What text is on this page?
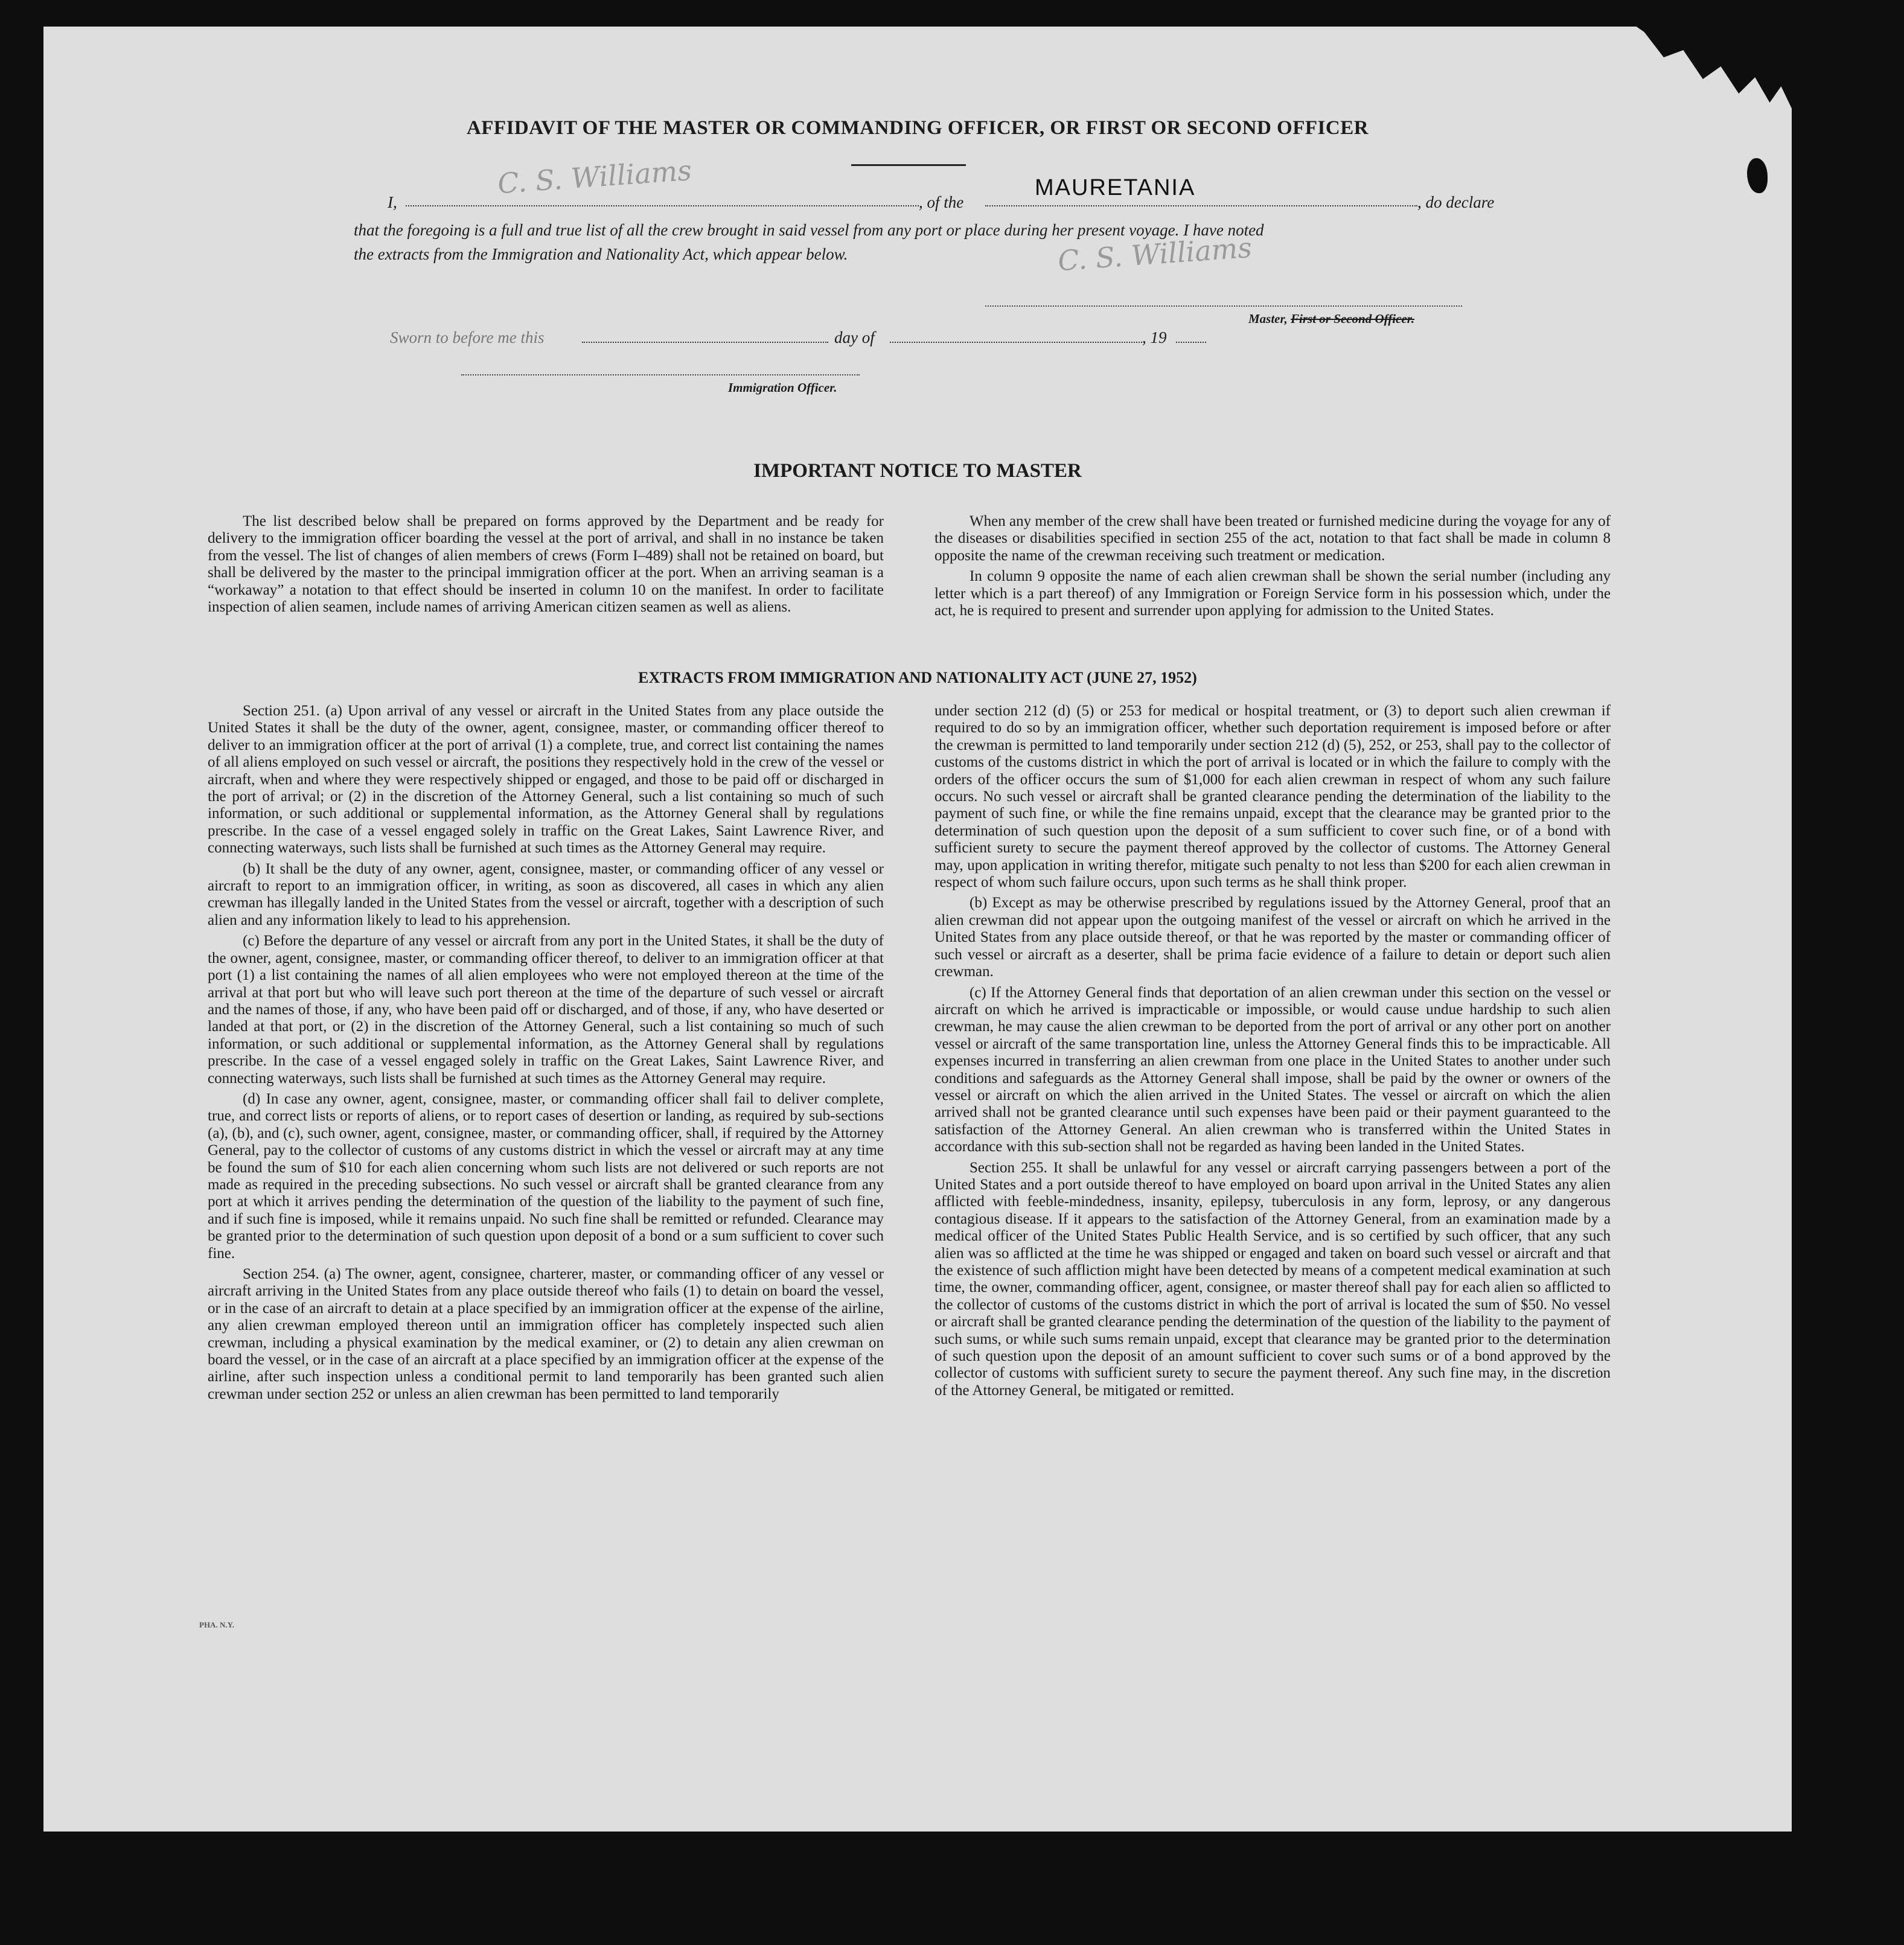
AFFIDAVIT OF THE MASTER OR COMMANDING OFFICER, OR FIRST OR SECOND OFFICER
I,
C. S. Williams
, of the
MAURETANIA
, do declare
that the foregoing is a full and true list of all the crew brought in said vessel from any port or place during her present voyage. I have noted
the extracts from the Immigration and Nationality Act, which appear below.	C. S. Williams
Master, First or Second Officer.
Sworn to before me this	day of	, 19
Immigration Officer.
IMPORTANT NOTICE TO MASTER

The list described below shall be prepared on forms approved by the Department and be ready for delivery to the immigration officer boarding the vessel at the port of arrival, and shall in no instance be taken from the vessel. The list of changes of alien members of crews (Form I–489) shall not be retained on board, but shall be delivered by the master to the principal immigration officer at the port. When an arriving seaman is a “workaway” a notation to that effect should be inserted in column 10 on the manifest. In order to facilitate inspection of alien seamen, include names of arriving American citizen seamen as well as aliens.

When any member of the crew shall have been treated or furnished medicine during the voyage for any of the diseases or disabilities specified in section 255 of the act, notation to that fact shall be made in column 8 opposite the name of the crewman receiving such treatment or medication.

In column 9 opposite the name of each alien crewman shall be shown the serial number (including any letter which is a part thereof) of any Immigration or Foreign Service form in his possession which, under the act, he is required to present and surrender upon applying for admission to the United States.

EXTRACTS FROM IMMIGRATION AND NATIONALITY ACT (JUNE 27, 1952)

Section 251. (a) Upon arrival of any vessel or aircraft in the United States from any place outside the United States it shall be the duty of the owner, agent, consignee, master, or commanding officer thereof to deliver to an immigration officer at the port of arrival (1) a complete, true, and correct list containing the names of all aliens employed on such vessel or aircraft, the positions they respectively hold in the crew of the vessel or aircraft, when and where they were respectively shipped or engaged, and those to be paid off or discharged in the port of arrival; or (2) in the discretion of the Attorney General, such a list containing so much of such information, or such additional or supplemental information, as the Attorney General shall by regulations prescribe. In the case of a vessel engaged solely in traffic on the Great Lakes, Saint Lawrence River, and connecting waterways, such lists shall be furnished at such times as the Attorney General may require.

(b) It shall be the duty of any owner, agent, consignee, master, or commanding officer of any vessel or aircraft to report to an immigration officer, in writing, as soon as discovered, all cases in which any alien crewman has illegally landed in the United States from the vessel or aircraft, together with a description of such alien and any information likely to lead to his apprehension.

(c) Before the departure of any vessel or aircraft from any port in the United States, it shall be the duty of the owner, agent, consignee, master, or commanding officer thereof, to deliver to an immigration officer at that port (1) a list containing the names of all alien employees who were not employed thereon at the time of the arrival at that port but who will leave such port thereon at the time of the departure of such vessel or aircraft and the names of those, if any, who have been paid off or discharged, and of those, if any, who have deserted or landed at that port, or (2) in the discretion of the Attorney General, such a list containing so much of such information, or such additional or supplemental information, as the Attorney General shall by regulations prescribe. In the case of a vessel engaged solely in traffic on the Great Lakes, Saint Lawrence River, and connecting waterways, such lists shall be furnished at such times as the Attorney General may require.

(d) In case any owner, agent, consignee, master, or commanding officer shall fail to deliver complete, true, and correct lists or reports of aliens, or to report cases of desertion or landing, as required by sub-sections (a), (b), and (c), such owner, agent, consignee, master, or commanding officer, shall, if required by the Attorney General, pay to the collector of customs of any customs district in which the vessel or aircraft may at any time be found the sum of $10 for each alien concerning whom such lists are not delivered or such reports are not made as required in the preceding subsections. No such vessel or aircraft shall be granted clearance from any port at which it arrives pending the determination of the question of the liability to the payment of such fine, and if such fine is imposed, while it remains unpaid. No such fine shall be remitted or refunded. Clearance may be granted prior to the determination of such question upon deposit of a bond or a sum sufficient to cover such fine.

Section 254. (a) The owner, agent, consignee, charterer, master, or commanding officer of any vessel or aircraft arriving in the United States from any place outside thereof who fails (1) to detain on board the vessel, or in the case of an aircraft to detain at a place specified by an immigration officer at the expense of the airline, any alien crewman employed thereon until an immigration officer has completely inspected such alien crewman, including a physical examination by the medical examiner, or (2) to detain any alien crewman on board the vessel, or in the case of an aircraft at a place specified by an immigration officer at the expense of the airline, after such inspection unless a conditional permit to land temporarily has been granted such alien crewman under section 252 or unless an alien crewman has been permitted to land temporarily

under section 212 (d) (5) or 253 for medical or hospital treatment, or (3) to deport such alien crewman if required to do so by an immigration officer, whether such deportation requirement is imposed before or after the crewman is permitted to land temporarily under section 212 (d) (5), 252, or 253, shall pay to the collector of customs of the customs district in which the port of arrival is located or in which the failure to comply with the orders of the officer occurs the sum of $1,000 for each alien crewman in respect of whom any such failure occurs. No such vessel or aircraft shall be granted clearance pending the determination of the liability to the payment of such fine, or while the fine remains unpaid, except that the clearance may be granted prior to the determination of such question upon the deposit of a sum sufficient to cover such fine, or of a bond with sufficient surety to secure the payment thereof approved by the collector of customs. The Attorney General may, upon application in writing therefor, mitigate such penalty to not less than $200 for each alien crewman in respect of whom such failure occurs, upon such terms as he shall think proper.

(b) Except as may be otherwise prescribed by regulations issued by the Attorney General, proof that an alien crewman did not appear upon the outgoing manifest of the vessel or aircraft on which he arrived in the United States from any place outside thereof, or that he was reported by the master or commanding officer of such vessel or aircraft as a deserter, shall be prima facie evidence of a failure to detain or deport such alien crewman.

(c) If the Attorney General finds that deportation of an alien crewman under this section on the vessel or aircraft on which he arrived is impracticable or impossible, or would cause undue hardship to such alien crewman, he may cause the alien crewman to be deported from the port of arrival or any other port on another vessel or aircraft of the same transportation line, unless the Attorney General finds this to be impracticable. All expenses incurred in transferring an alien crewman from one place in the United States to another under such conditions and safeguards as the Attorney General shall impose, shall be paid by the owner or owners of the vessel or aircraft on which the alien arrived in the United States. The vessel or aircraft on which the alien arrived shall not be granted clearance until such expenses have been paid or their payment guaranteed to the satisfaction of the Attorney General. An alien crewman who is transferred within the United States in accordance with this sub-section shall not be regarded as having been landed in the United States.

Section 255. It shall be unlawful for any vessel or aircraft carrying passengers between a port of the United States and a port outside thereof to have employed on board upon arrival in the United States any alien afflicted with feeble-mindedness, insanity, epilepsy, tuberculosis in any form, leprosy, or any dangerous contagious disease. If it appears to the satisfaction of the Attorney General, from an examination made by a medical officer of the United States Public Health Service, and is so certified by such officer, that any such alien was so afflicted at the time he was shipped or engaged and taken on board such vessel or aircraft and that the existence of such affliction might have been detected by means of a competent medical examination at such time, the owner, commanding officer, agent, consignee, or master thereof shall pay for each alien so afflicted to the collector of customs of the customs district in which the port of arrival is located the sum of $50. No vessel or aircraft shall be granted clearance pending the determination of the question of the liability to the payment of such sums, or while such sums remain unpaid, except that clearance may be granted prior to the determination of such question upon the deposit of an amount sufficient to cover such sums or of a bond approved by the collector of customs with sufficient surety to secure the payment thereof. Any such fine may, in the discretion of the Attorney General, be mitigated or remitted.

PHA. N.Y.
